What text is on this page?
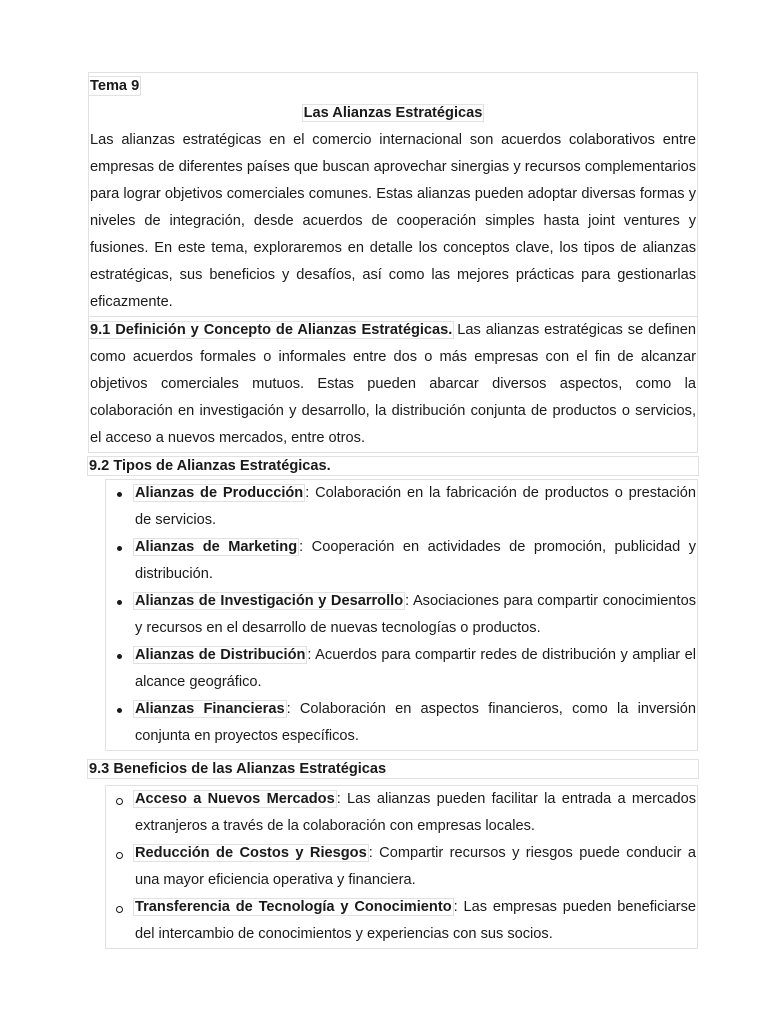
Tema 9

Las Alianzas Estratégicas

Las alianzas estratégicas en el comercio internacional son acuerdos colaborativos entre empresas de diferentes países que buscan aprovechar sinergias y recursos complementarios para lograr objetivos comerciales comunes. Estas alianzas pueden adoptar diversas formas y niveles de integración, desde acuerdos de cooperación simples hasta joint ventures y fusiones. En este tema, exploraremos en detalle los conceptos clave, los tipos de alianzas estratégicas, sus beneficios y desafíos, así como las mejores prácticas para gestionarlas eficazmente.

9.1 Definición y Concepto de Alianzas Estratégicas. Las alianzas estratégicas se definen como acuerdos formales o informales entre dos o más empresas con el fin de alcanzar objetivos comerciales mutuos. Estas pueden abarcar diversos aspectos, como la colaboración en investigación y desarrollo, la distribución conjunta de productos o servicios, el acceso a nuevos mercados, entre otros.

9.2 Tipos de Alianzas Estratégicas.

Alianzas de Producción : Colaboración en la fabricación de productos o prestación de servicios.
Alianzas de Marketing : Cooperación en actividades de promoción, publicidad y distribución.
Alianzas de Investigación y Desarrollo : Asociaciones para compartir conocimientos y recursos en el desarrollo de nuevas tecnologías o productos.
Alianzas de Distribución : Acuerdos para compartir redes de distribución y ampliar el alcance geográfico.
Alianzas Financieras : Colaboración en aspectos financieros, como la inversión conjunta en proyectos específicos.

9.3 Beneficios de las Alianzas Estratégicas

Acceso a Nuevos Mercados : Las alianzas pueden facilitar la entrada a mercados extranjeros a través de la colaboración con empresas locales.
Reducción de Costos y Riesgos : Compartir recursos y riesgos puede conducir a una mayor eficiencia operativa y financiera.
Transferencia de Tecnología y Conocimiento : Las empresas pueden beneficiarse del intercambio de conocimientos y experiencias con sus socios.
